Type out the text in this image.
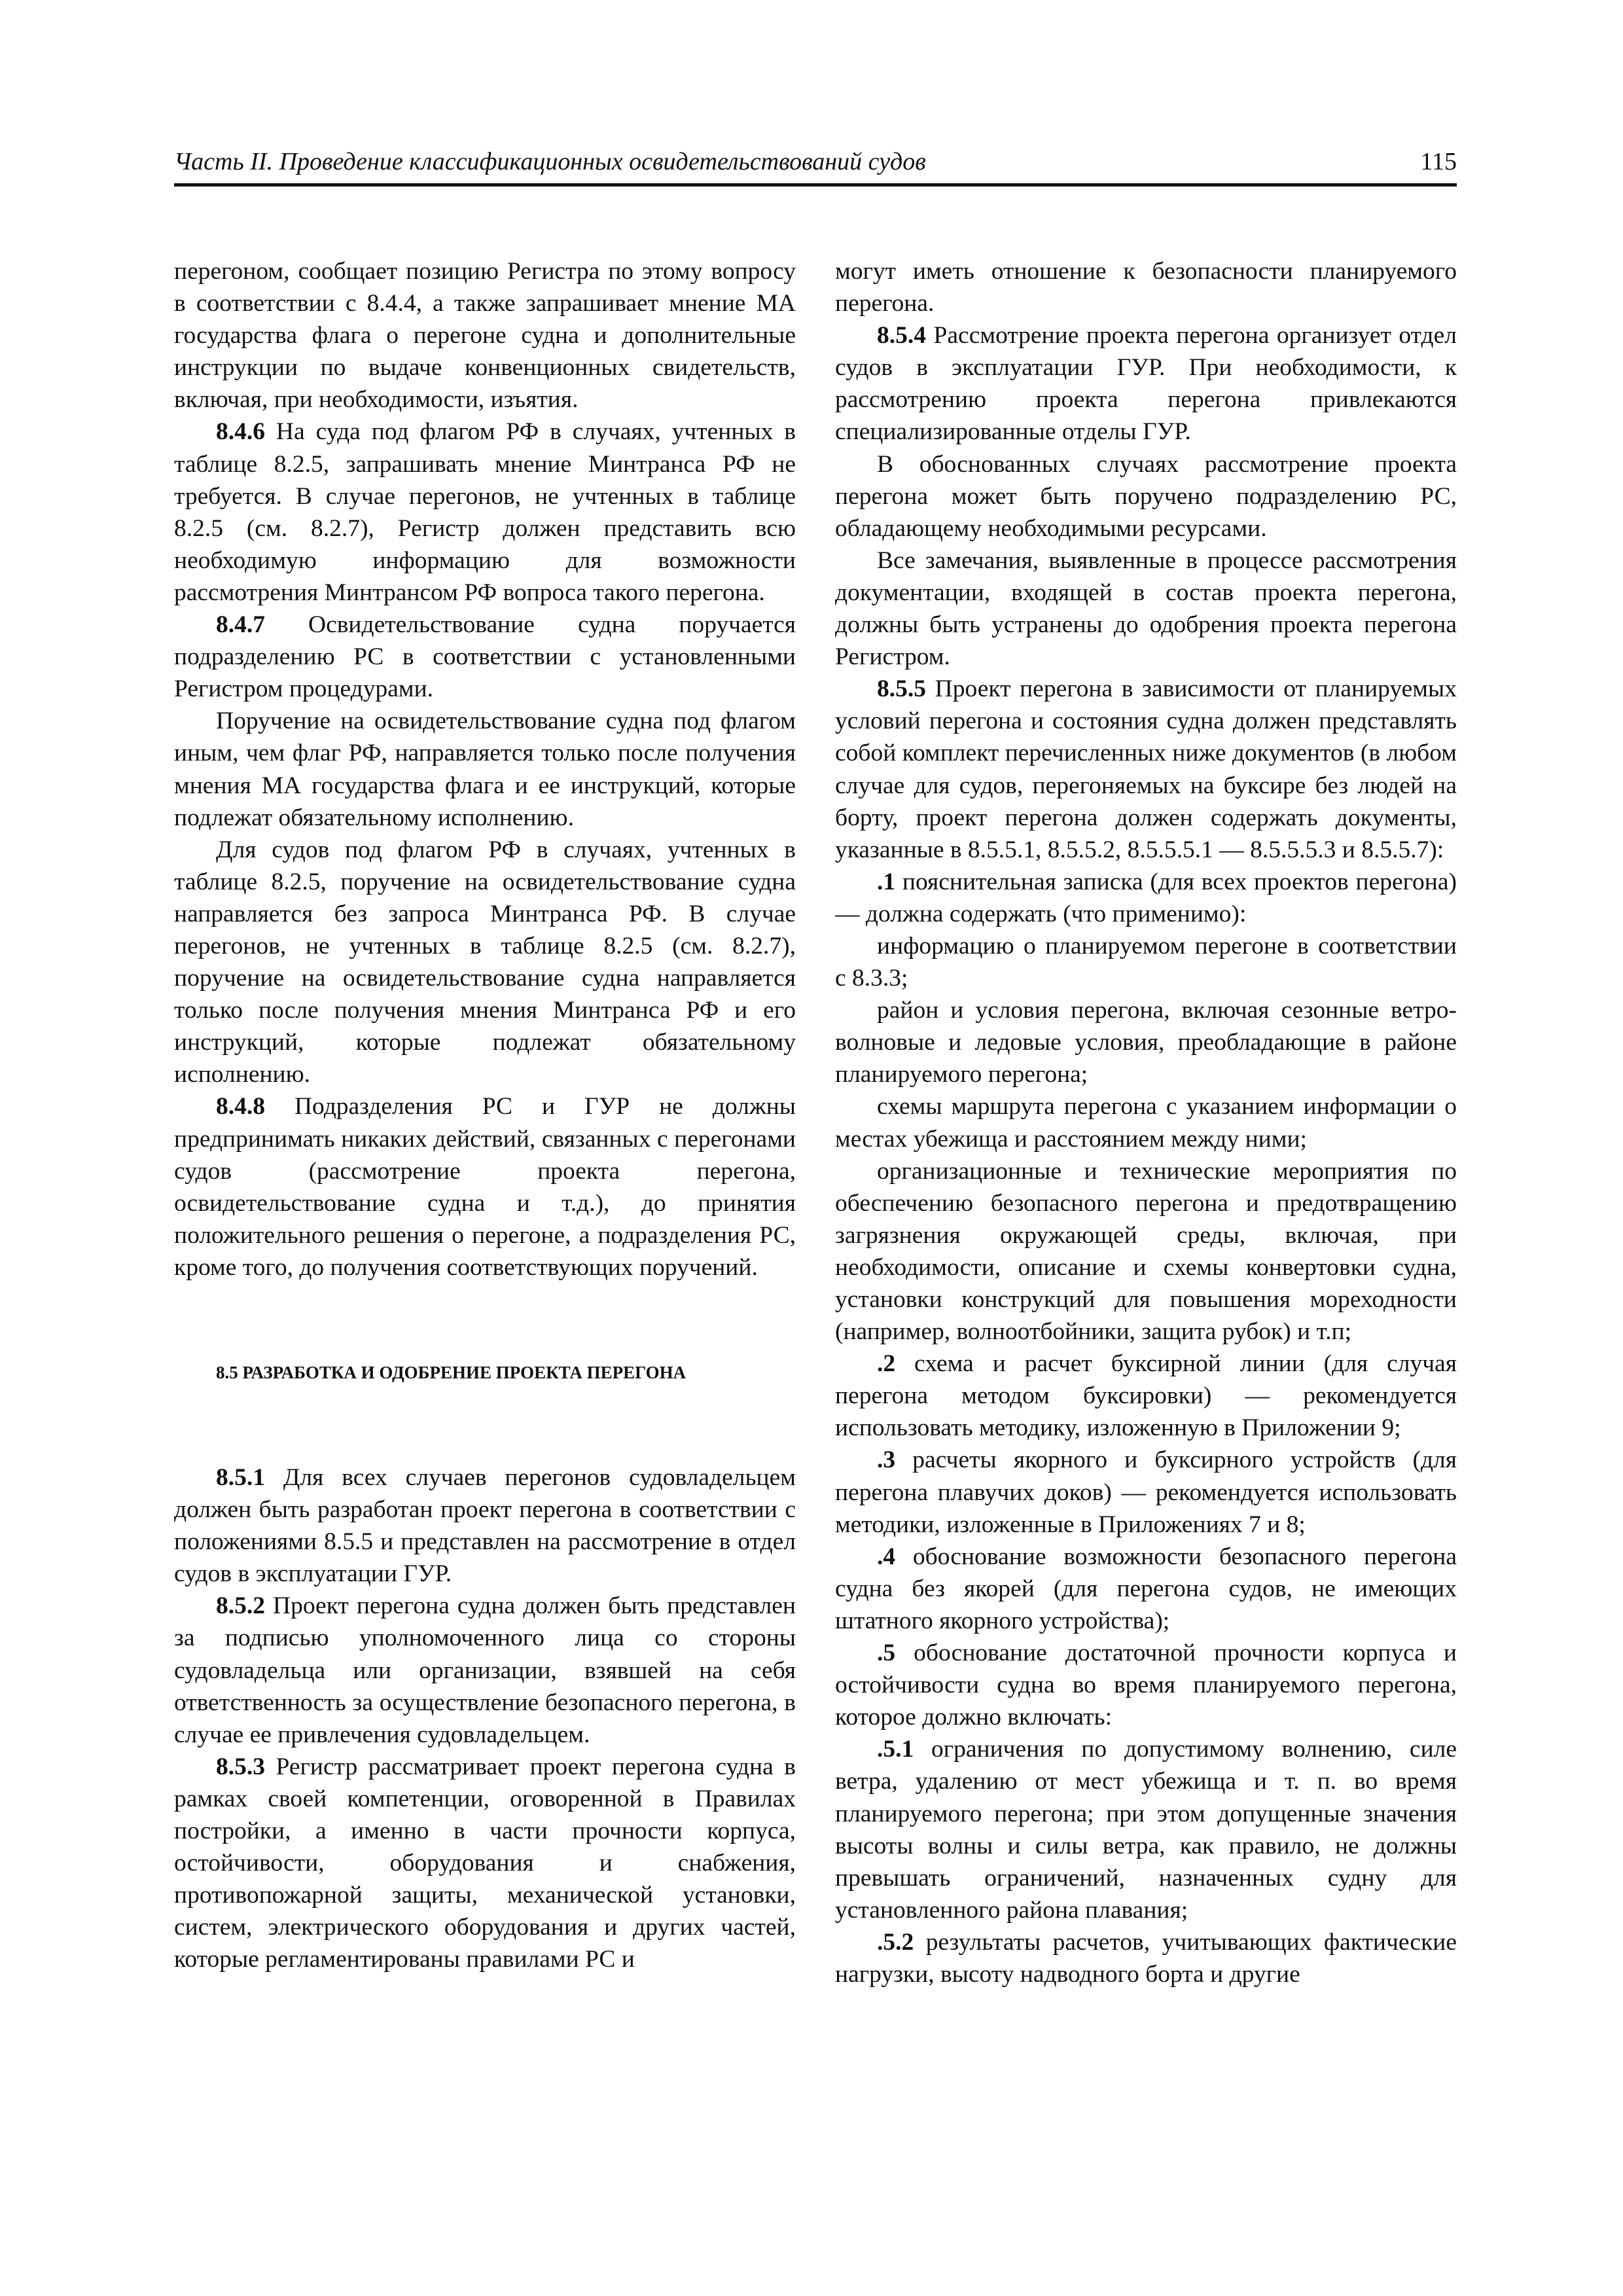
Часть II. Проведение классификационных освидетельствований судов	115

перегоном, сообщает позицию Регистра по этому вопросу в соответствии с 8.4.4, а также запрашивает мнение МА государства флага о перегоне судна и дополнительные инструкции по выдаче конвенционных свидетельств, включая, при необходимости, изъятия.

8.4.6 На суда под флагом РФ в случаях, учтенных в таблице 8.2.5, запрашивать мнение Минтранса РФ не требуется. В случае перегонов, не учтенных в таблице 8.2.5 (см. 8.2.7), Регистр должен представить всю необходимую информацию для возможности рассмотрения Минтрансом РФ вопроса такого перегона.

8.4.7 Освидетельствование судна поручается подразделению РС в соответствии с установленными Регистром процедурами.

Поручение на освидетельствование судна под флагом иным, чем флаг РФ, направляется только после получения мнения МА государства флага и ее инструкций, которые подлежат обязательному исполнению.

Для судов под флагом РФ в случаях, учтенных в таблице 8.2.5, поручение на освидетельствование судна направляется без запроса Минтранса РФ. В случае перегонов, не учтенных в таблице 8.2.5 (см. 8.2.7), поручение на освидетельствование судна направляется только после получения мнения Минтранса РФ и его инструкций, которые подлежат обязательному исполнению.

8.4.8 Подразделения РС и ГУР не должны предпринимать никаких действий, связанных с перегонами судов (рассмотрение проекта перегона, освидетельствование судна и т.д.), до принятия положительного решения о перегоне, а подразделения РС, кроме того, до получения соответствующих поручений.

8.5 РАЗРАБОТКА И ОДОБРЕНИЕ ПРОЕКТА ПЕРЕГОНА

8.5.1 Для всех случаев перегонов судовладельцем должен быть разработан проект перегона в соответствии с положениями 8.5.5 и представлен на рассмотрение в отдел судов в эксплуатации ГУР.

8.5.2 Проект перегона судна должен быть представлен за подписью уполномоченного лица со стороны судовладельца или организации, взявшей на себя ответственность за осуществление безопасного перегона, в случае ее привлечения судовладельцем.

8.5.3 Регистр рассматривает проект перегона судна в рамках своей компетенции, оговоренной в Правилах постройки, а именно в части прочности корпуса, остойчивости, оборудования и снабжения, противопожарной защиты, механической установки, систем, электрического оборудования и других частей, которые регламентированы правилами РС и

могут иметь отношение к безопасности планируемого перегона.

8.5.4 Рассмотрение проекта перегона организует отдел судов в эксплуатации ГУР. При необходимости, к рассмотрению проекта перегона привлекаются специализированные отделы ГУР.

В обоснованных случаях рассмотрение проекта перегона может быть поручено подразделению РС, обладающему необходимыми ресурсами.

Все замечания, выявленные в процессе рассмотрения документации, входящей в состав проекта перегона, должны быть устранены до одобрения проекта перегона Регистром.

8.5.5 Проект перегона в зависимости от планируемых условий перегона и состояния судна должен представлять собой комплект перечисленных ниже документов (в любом случае для судов, перегоняемых на буксире без людей на борту, проект перегона должен содержать документы, указанные в 8.5.5.1, 8.5.5.2, 8.5.5.5.1 — 8.5.5.5.3 и 8.5.5.7):

.1 пояснительная записка (для всех проектов перегона) — должна содержать (что применимо):

информацию о планируемом перегоне в соответствии с 8.3.3;

район и условия перегона, включая сезонные ветро-волновые и ледовые условия, преобладающие в районе планируемого перегона;

схемы маршрута перегона с указанием информации о местах убежища и расстоянием между ними;

организационные и технические мероприятия по обеспечению безопасного перегона и предотвращению загрязнения окружающей среды, включая, при необходимости, описание и схемы конвертовки судна, установки конструкций для повышения мореходности (например, волноотбойники, защита рубок) и т.п;

.2 схема и расчет буксирной линии (для случая перегона методом буксировки) — рекомендуется использовать методику, изложенную в Приложении 9;

.3 расчеты якорного и буксирного устройств (для перегона плавучих доков) — рекомендуется использовать методики, изложенные в Приложениях 7 и 8;

.4 обоснование возможности безопасного перегона судна без якорей (для перегона судов, не имеющих штатного якорного устройства);

.5 обоснование достаточной прочности корпуса и остойчивости судна во время планируемого перегона, которое должно включать:

.5.1 ограничения по допустимому волнению, силе ветра, удалению от мест убежища и т. п. во время планируемого перегона; при этом допущенные значения высоты волны и силы ветра, как правило, не должны превышать ограничений, назначенных судну для установленного района плавания;

.5.2 результаты расчетов, учитывающих фактические нагрузки, высоту надводного борта и другие
